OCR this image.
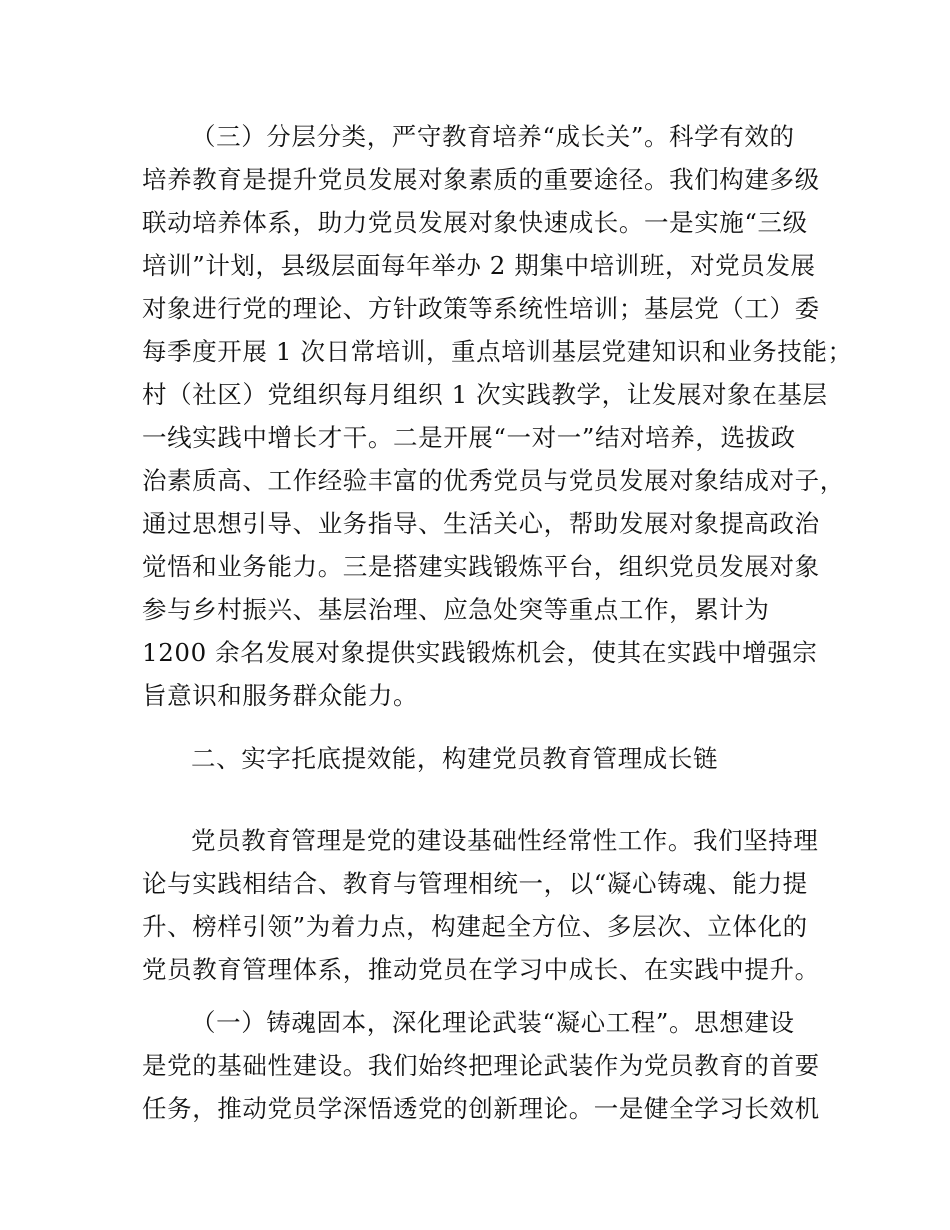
（三）分层分类，严守教育培养“成长关”。科学有效的
培养教育是提升党员发展对象素质的重要途径。我们构建多级
联动培养体系，助力党员发展对象快速成长。一是实施“三级
培训”计划，县级层面每年举办 2 期集中培训班，对党员发展
对象进行党的理论、方针政策等系统性培训；基层党（工）委
每季度开展 1 次日常培训，重点培训基层党建知识和业务技能；
村（社区）党组织每月组织 1 次实践教学，让发展对象在基层
一线实践中增长才干。二是开展“一对一”结对培养，选拔政
治素质高、工作经验丰富的优秀党员与党员发展对象结成对子，
通过思想引导、业务指导、生活关心，帮助发展对象提高政治
觉悟和业务能力。三是搭建实践锻炼平台，组织党员发展对象
参与乡村振兴、基层治理、应急处突等重点工作，累计为
1200 余名发展对象提供实践锻炼机会，使其在实践中增强宗
旨意识和服务群众能力。
二、实字托底提效能，构建党员教育管理成长链
党员教育管理是党的建设基础性经常性工作。我们坚持理
论与实践相结合、教育与管理相统一，以“凝心铸魂、能力提
升、榜样引领”为着力点，构建起全方位、多层次、立体化的
党员教育管理体系，推动党员在学习中成长、在实践中提升。
（一）铸魂固本，深化理论武装“凝心工程”。思想建设
是党的基础性建设。我们始终把理论武装作为党员教育的首要
任务，推动党员学深悟透党的创新理论。一是健全学习长效机
